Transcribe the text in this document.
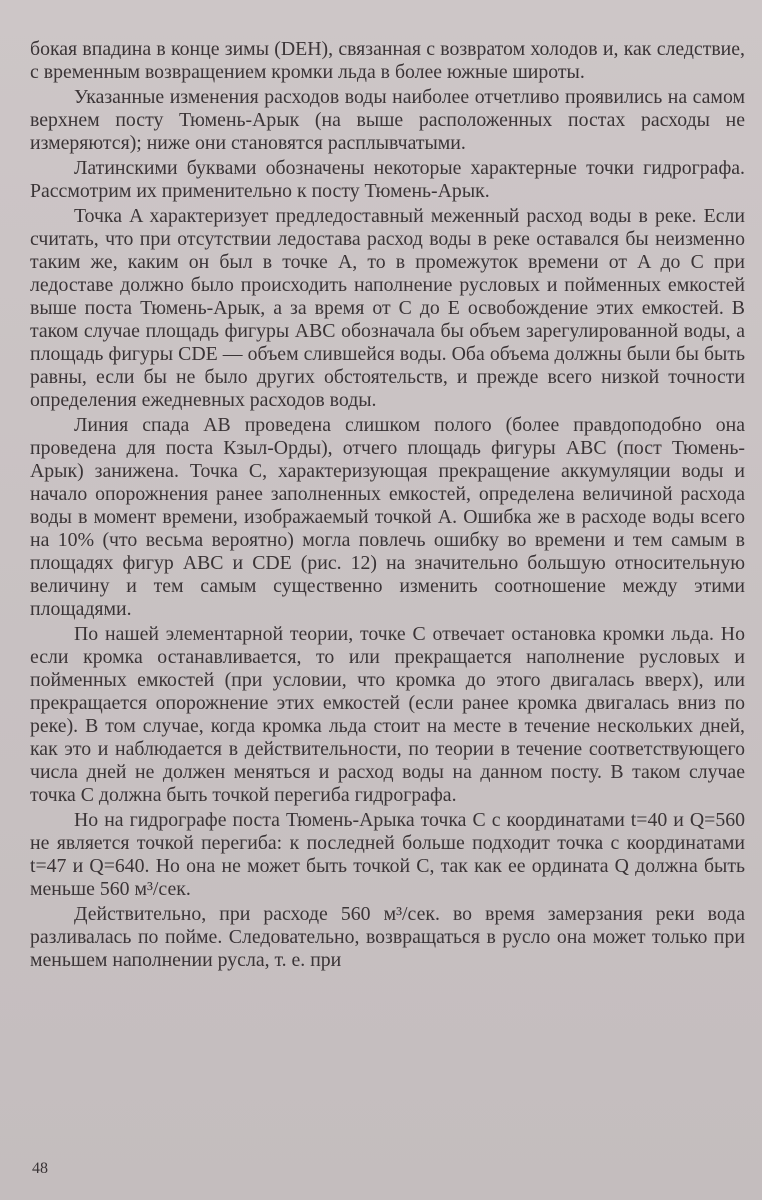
бокая впадина в конце зимы (DEH), связанная с возвратом холодов и, как следствие, с временным возвращением кромки льда в более южные широты.

Указанные изменения расходов воды наиболее отчетливо проявились на самом верхнем посту Тюмень-Арык (на выше расположенных постах расходы не измеряются); ниже они становятся расплывчатыми.

Латинскими буквами обозначены некоторые характерные точки гидрографа. Рассмотрим их применительно к посту Тюмень-Арык.

Точка A характеризует предледоставный меженный расход воды в реке. Если считать, что при отсутствии ледостава расход воды в реке оставался бы неизменно таким же, каким он был в точке A, то в промежуток времени от A до C при ледоставе должно было происходить наполнение русловых и пойменных емкостей выше поста Тюмень-Арык, а за время от C до E освобождение этих емкостей. В таком случае площадь фигуры ABC обозначала бы объем зарегулированной воды, а площадь фигуры CDE — объем слившейся воды. Оба объема должны были бы быть равны, если бы не было других обстоятельств, и прежде всего низкой точности определения ежедневных расходов воды.

Линия спада AB проведена слишком полого (более правдоподобно она проведена для поста Кзыл-Орды), отчего площадь фигуры ABC (пост Тюмень-Арык) занижена. Точка C, характеризующая прекращение аккумуляции воды и начало опорожнения ранее заполненных емкостей, определена величиной расхода воды в момент времени, изображаемый точкой A. Ошибка же в расходе воды всего на 10% (что весьма вероятно) могла повлечь ошибку во времени и тем самым в площадях фигур ABC и CDE (рис. 12) на значительно большую относительную величину и тем самым существенно изменить соотношение между этими площадями.

По нашей элементарной теории, точке C отвечает остановка кромки льда. Но если кромка останавливается, то или прекращается наполнение русловых и пойменных емкостей (при условии, что кромка до этого двигалась вверх), или прекращается опорожнение этих емкостей (если ранее кромка двигалась вниз по реке). В том случае, когда кромка льда стоит на месте в течение нескольких дней, как это и наблюдается в действительности, по теории в течение соответствующего числа дней не должен меняться и расход воды на данном посту. В таком случае точка C должна быть точкой перегиба гидрографа.

Но на гидрографе поста Тюмень-Арыка точка C с координатами t=40 и Q=560 не является точкой перегиба: к последней больше подходит точка с координатами t=47 и Q=640. Но она не может быть точкой C, так как ее ордината Q должна быть меньше 560 м³/сек.

Действительно, при расходе 560 м³/сек. во время замерзания реки вода разливалась по пойме. Следовательно, возвращаться в русло она может только при меньшем наполнении русла, т. е. при

48
